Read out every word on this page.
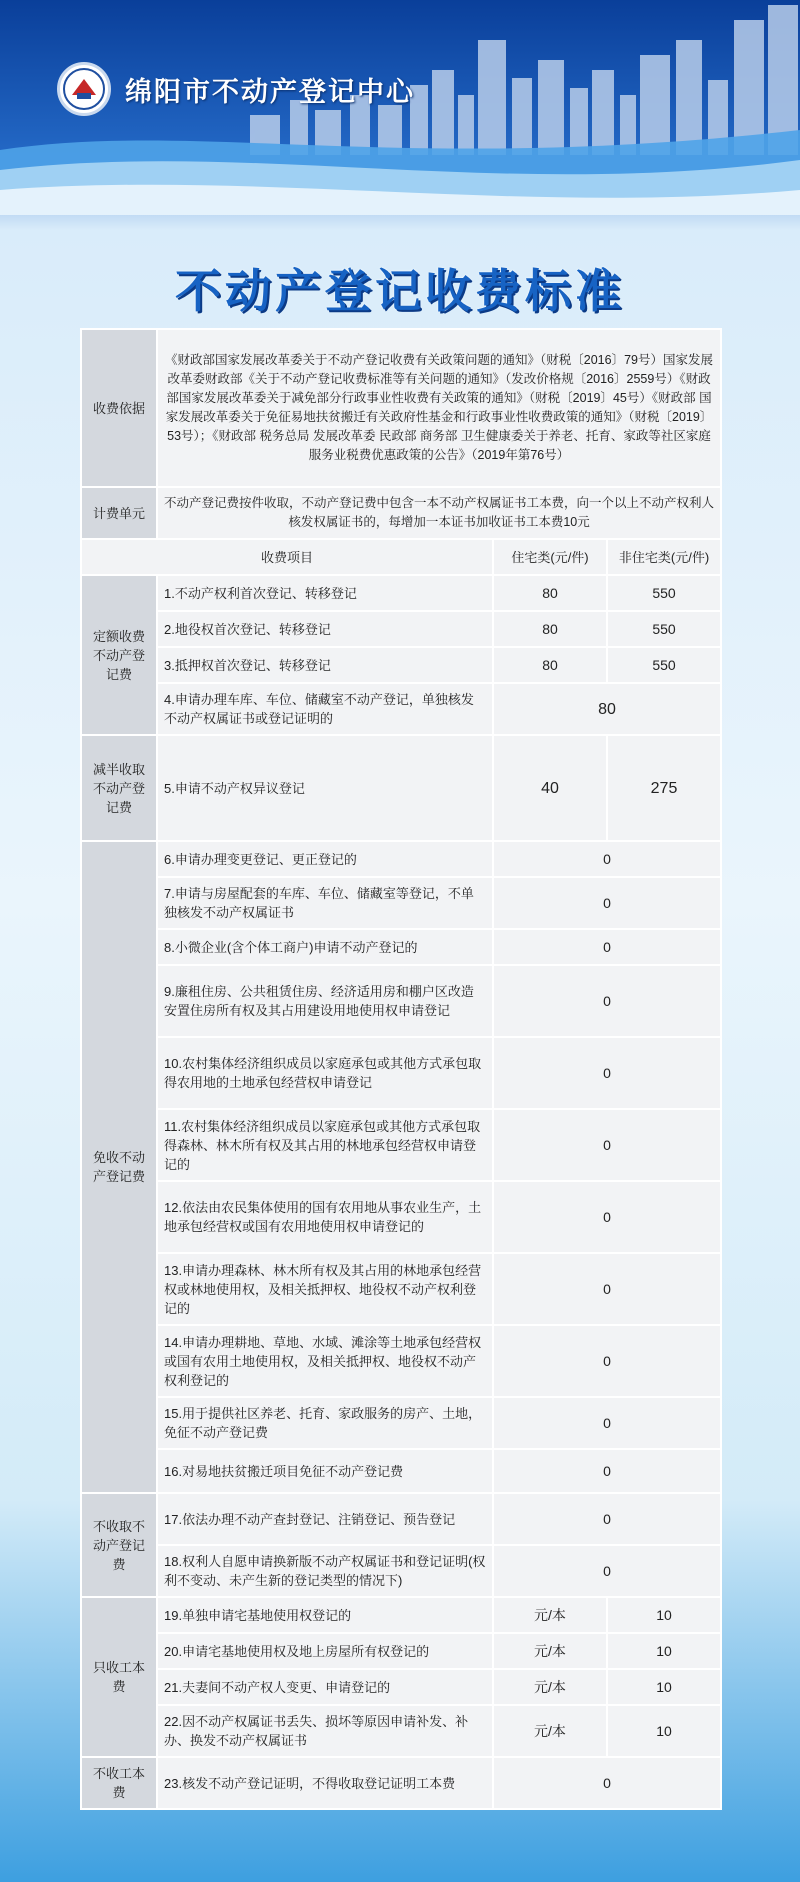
绵阳市不动产登记中心
不动产登记收费标准
收费依据	《财政部国家发展改革委关于不动产登记收费有关政策问题的通知》（财税〔2016〕79号）国家发展改革委财政部《关于不动产登记收费标准等有关问题的通知》（发改价格规〔2016〕2559号）《财政部国家发展改革委关于减免部分行政事业性收费有关政策的通知》（财税〔2019〕45号）《财政部 国家发展改革委关于免征易地扶贫搬迁有关政府性基金和行政事业性收费政策的通知》（财税〔2019〕53号）；《财政部 税务总局 发展改革委 民政部 商务部 卫生健康委关于养老、托育、家政等社区家庭服务业税费优惠政策的公告》（2019年第76号）		
计费单元	不动产登记费按件收取，不动产登记费中包含一本不动产权属证书工本费，向一个以上不动产权利人核发权属证书的，每增加一本证书加收证书工本费10元		
收费项目		住宅类(元/件)	非住宅类(元/件)
定额收费不动产登记费	1.不动产权利首次登记、转移登记	80	550
	2.地役权首次登记、转移登记	80	550
	3.抵押权首次登记、转移登记	80	550
	4.申请办理车库、车位、储藏室不动产登记，单独核发不动产权属证书或登记证明的	80	
减半收取不动产登记费	5.申请不动产权异议登记	40	275
免收不动产登记费	6.申请办理变更登记、更正登记的	0	
	7.申请与房屋配套的车库、车位、储藏室等登记，不单独核发不动产权属证书	0	
	8.小微企业(含个体工商户)申请不动产登记的	0	
	9.廉租住房、公共租赁住房、经济适用房和棚户区改造安置住房所有权及其占用建设用地使用权申请登记	0	
	10.农村集体经济组织成员以家庭承包或其他方式承包取得农用地的土地承包经营权申请登记	0	
	11.农村集体经济组织成员以家庭承包或其他方式承包取得森林、林木所有权及其占用的林地承包经营权申请登记的	0	
	12.依法由农民集体使用的国有农用地从事农业生产，土地承包经营权或国有农用地使用权申请登记的	0	
	13.申请办理森林、林木所有权及其占用的林地承包经营权或林地使用权，及相关抵押权、地役权不动产权利登记的	0	
	14.申请办理耕地、草地、水域、滩涂等土地承包经营权或国有农用土地使用权，及相关抵押权、地役权不动产权利登记的	0	
	15.用于提供社区养老、托育、家政服务的房产、土地，免征不动产登记费	0	
	16.对易地扶贫搬迁项目免征不动产登记费	0	
不收取不动产登记费	17.依法办理不动产查封登记、注销登记、预告登记	0	
	18.权利人自愿申请换新版不动产权属证书和登记证明(权利不变动、未产生新的登记类型的情况下)	0	
只收工本费	19.单独申请宅基地使用权登记的	元/本	10
	20.申请宅基地使用权及地上房屋所有权登记的	元/本	10
	21.夫妻间不动产权人变更、申请登记的	元/本	10
	22.因不动产权属证书丢失、损坏等原因申请补发、补办、换发不动产权属证书	元/本	10
不收工本费	23.核发不动产登记证明，不得收取登记证明工本费	0	
